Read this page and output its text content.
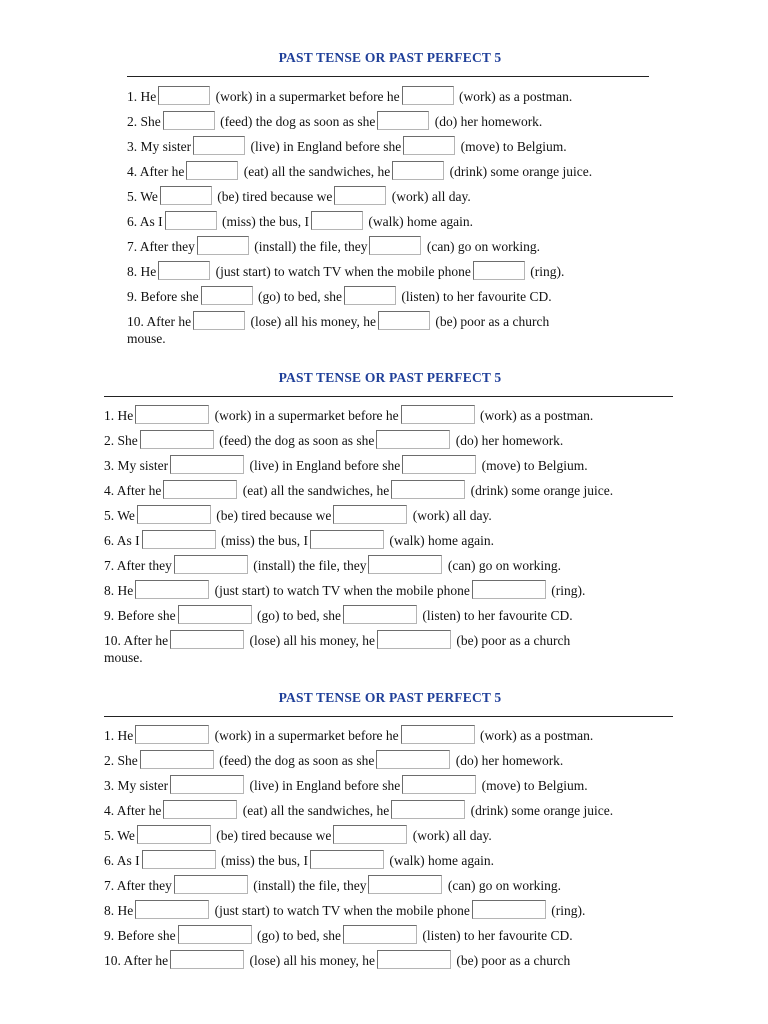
PAST TENSE OR PAST PERFECT 5
1. He	(work) in a supermarket before he	(work) as a postman.
2. She	(feed) the dog as soon as she	(do) her homework.
3. My sister	(live) in England before she	(move) to Belgium.
4. After he	(eat) all the sandwiches, he	(drink) some orange juice.
5. We	(be) tired because we	(work) all day.
6. As I	(miss) the bus, I	(walk) home again.
7. After they	(install) the file, they	(can) go on working.
8. He	(just start) to watch TV when the mobile phone	(ring).
9. Before she	(go) to bed, she	(listen) to her favourite CD.
10. After he	(lose) all his money, he	(be) poor as a church
mouse.
PAST TENSE OR PAST PERFECT 5
1. He	(work) in a supermarket before he	(work) as a postman.
2. She	(feed) the dog as soon as she	(do) her homework.
3. My sister	(live) in England before she	(move) to Belgium.
4. After he	(eat) all the sandwiches, he	(drink) some orange juice.
5. We	(be) tired because we	(work) all day.
6. As I	(miss) the bus, I	(walk) home again.
7. After they	(install) the file, they	(can) go on working.
8. He	(just start) to watch TV when the mobile phone	(ring).
9. Before she	(go) to bed, she	(listen) to her favourite CD.
10. After he	(lose) all his money, he	(be) poor as a church
mouse.
PAST TENSE OR PAST PERFECT 5
1. He	(work) in a supermarket before he	(work) as a postman.
2. She	(feed) the dog as soon as she	(do) her homework.
3. My sister	(live) in England before she	(move) to Belgium.
4. After he	(eat) all the sandwiches, he	(drink) some orange juice.
5. We	(be) tired because we	(work) all day.
6. As I	(miss) the bus, I	(walk) home again.
7. After they	(install) the file, they	(can) go on working.
8. He	(just start) to watch TV when the mobile phone	(ring).
9. Before she	(go) to bed, she	(listen) to her favourite CD.
10. After he	(lose) all his money, he	(be) poor as a church
